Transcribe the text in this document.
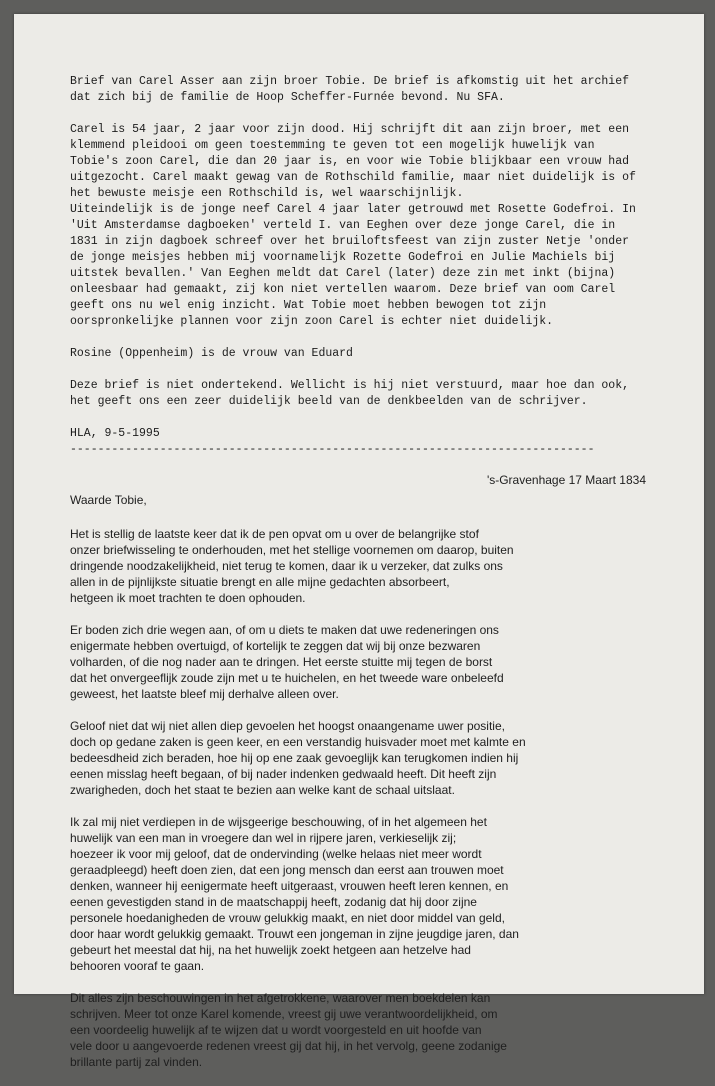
Brief van Carel Asser aan zijn broer Tobie. De brief is afkomstig uit het archief
dat zich bij de familie de Hoop Scheffer-Furnée bevond. Nu SFA.

Carel is 54 jaar, 2 jaar voor zijn dood. Hij schrijft dit aan zijn broer, met een
klemmend pleidooi om geen toestemming te geven tot een mogelijk huwelijk van
Tobie's zoon Carel, die dan 20 jaar is, en voor wie Tobie blijkbaar een vrouw had
uitgezocht. Carel maakt gewag van de Rothschild familie, maar niet duidelijk is of
het bewuste meisje een Rothschild is, wel waarschijnlijk.

Uiteindelijk is de jonge neef Carel 4 jaar later getrouwd met Rosette Godefroi. In
'Uit Amsterdamse dagboeken' verteld I. van Eeghen over deze jonge Carel, die in
1831 in zijn dagboek schreef over het bruiloftsfeest van zijn zuster Netje 'onder
de jonge meisjes hebben mij voornamelijk Rozette Godefroi en Julie Machiels bij
uitstek bevallen.' Van Eeghen meldt dat Carel (later) deze zin met inkt (bijna)
onleesbaar had gemaakt, zij kon niet vertellen waarom. Deze brief van oom Carel
geeft ons nu wel enig inzicht. Wat Tobie moet hebben bewogen tot zijn
oorspronkelijke plannen voor zijn zoon Carel is echter niet duidelijk.

Rosine (Oppenheim) is de vrouw van Eduard

Deze brief is niet ondertekend. Wellicht is hij niet verstuurd, maar hoe dan ook,
het geeft ons een zeer duidelijk beeld van de denkbeelden van de schrijver.

HLA, 9-5-1995

----------------------------------------------------------------------------
's-Gravenhage 17 Maart 1834

Waarde Tobie,

Het is stellig de laatste keer dat ik de pen opvat om u over de belangrijke stof
onzer briefwisseling te onderhouden, met het stellige voornemen om daarop, buiten
dringende noodzakelijkheid, niet terug te komen, daar ik u verzeker, dat zulks ons
allen in de pijnlijkste situatie brengt en alle mijne gedachten absorbeert,
hetgeen ik moet trachten te doen ophouden.

Er boden zich drie wegen aan, of om u diets te maken dat uwe redeneringen ons
enigermate hebben overtuigd, of kortelijk te zeggen dat wij bij onze bezwaren
volharden, of die nog nader aan te dringen. Het eerste stuitte mij tegen de borst
dat het onvergeeflijk zoude zijn met u te huichelen, en het tweede ware onbeleefd
geweest, het laatste bleef mij derhalve alleen over.

Geloof niet dat wij niet allen diep gevoelen het hoogst onaangename uwer positie,
doch op gedane zaken is geen keer, en een verstandig huisvader moet met kalmte en
bedeesdheid zich beraden, hoe hij op ene zaak gevoeglijk kan terugkomen indien hij
eenen misslag heeft begaan, of bij nader indenken gedwaald heeft. Dit heeft zijn
zwarigheden, doch het staat te bezien aan welke kant de schaal uitslaat.

Ik zal mij niet verdiepen in de wijsgeerige beschouwing, of in het algemeen het
huwelijk van een man in vroegere dan wel in rijpere jaren, verkieselijk zij;
hoezeer ik voor mij geloof, dat de ondervinding (welke helaas niet meer wordt
geraadpleegd) heeft doen zien, dat een jong mensch dan eerst aan trouwen moet
denken, wanneer hij eenigermate heeft uitgeraast, vrouwen heeft leren kennen, en
eenen gevestigden stand in de maatschappij heeft, zodanig dat hij door zijne
personele hoedanigheden de vrouw gelukkig maakt, en niet door middel van geld,
door haar wordt gelukkig gemaakt. Trouwt een jongeman in zijne jeugdige jaren, dan
gebeurt het meestal dat hij, na het huwelijk zoekt hetgeen aan hetzelve had
behooren vooraf te gaan.

Dit alles zijn beschouwingen in het afgetrokkene, waarover men boekdelen kan
schrijven. Meer tot onze Karel komende, vreest gij uwe verantwoordelijkheid, om
een voordeelig huwelijk af te wijzen dat u wordt voorgesteld en uit hoofde van
vele door u aangevoerde redenen vreest gij dat hij, in het vervolg, geene zodanige
brillante partij zal vinden.
